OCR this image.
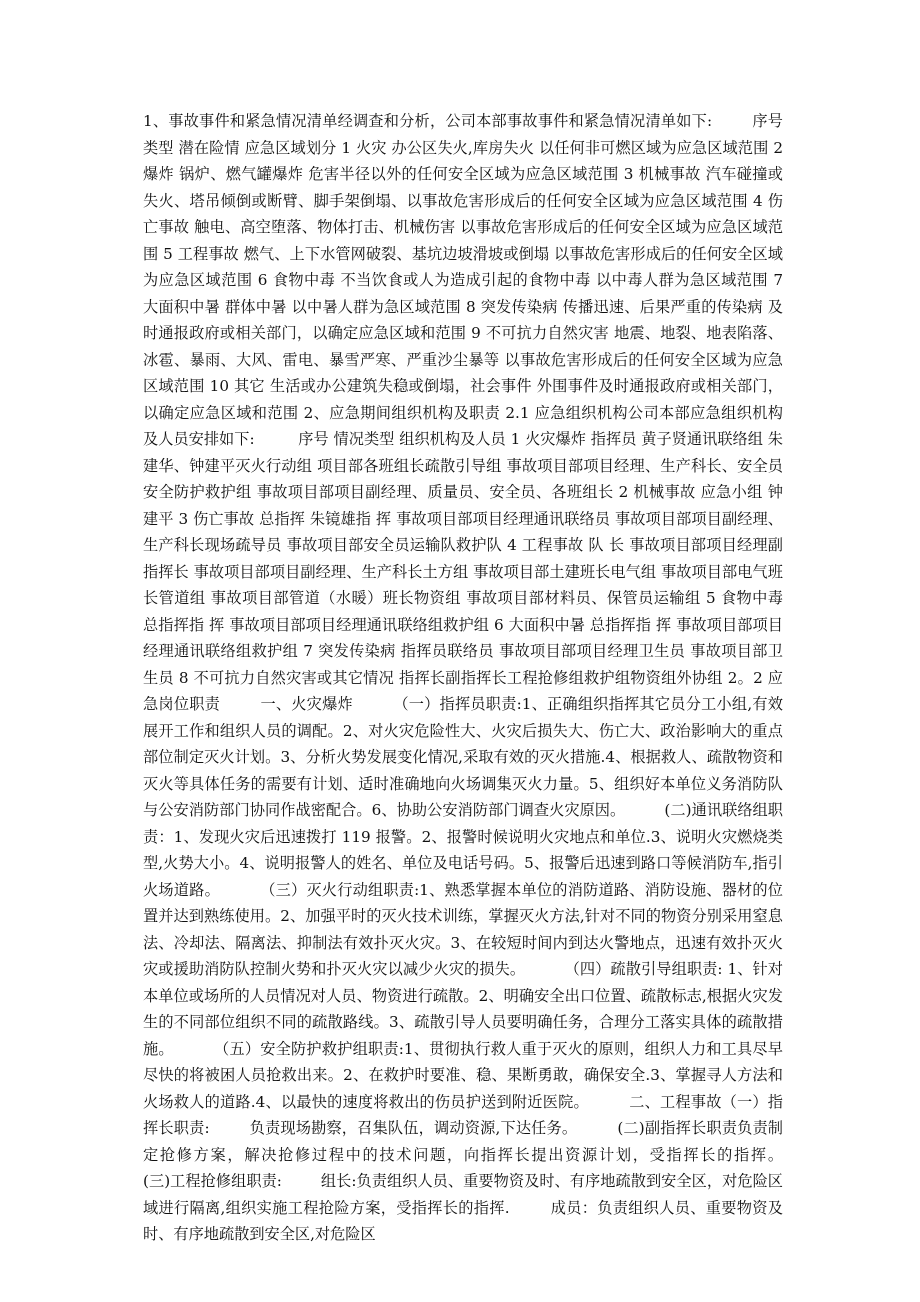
1、事故事件和紧急情况清单经调查和分析，公司本部事故事件和紧急情况清单如下:        序号 类型 潜在险情 应急区域划分 1 火灾 办公区失火,库房失火 以任何非可燃区域为应急区域范围 2 爆炸 锅炉、燃气罐爆炸 危害半径以外的任何安全区域为应急区域范围 3 机械事故 汽车碰撞或失火、塔吊倾倒或断臂、脚手架倒塌、以事故危害形成后的任何安全区域为应急区域范围 4 伤亡事故 触电、高空堕落、物体打击、机械伤害 以事故危害形成后的任何安全区域为应急区域范围 5 工程事故 燃气、上下水管网破裂、基坑边坡滑坡或倒塌 以事故危害形成后的任何安全区域为应急区域范围 6 食物中毒 不当饮食或人为造成引起的食物中毒 以中毒人群为急区域范围 7 大面积中暑 群体中暑 以中暑人群为急区域范围 8 突发传染病 传播迅速、后果严重的传染病 及时通报政府或相关部门，以确定应急区域和范围 9 不可抗力自然灾害 地震、地裂、地表陷落、冰雹、暴雨、大风、雷电、暴雪严寒、严重沙尘暴等 以事故危害形成后的任何安全区域为应急区域范围 10 其它 生活或办公建筑失稳或倒塌，社会事件 外围事件及时通报政府或相关部门，以确定应急区域和范围 2、应急期间组织机构及职责 2.1 应急组织机构公司本部应急组织机构及人员安排如下:         序号 情况类型 组织机构及人员 1 火灾爆炸 指挥员 黄子贤通讯联络组 朱建华、钟建平灭火行动组 项目部各班组长疏散引导组 事故项目部项目经理、生产科长、安全员安全防护救护组 事故项目部项目副经理、质量员、安全员、各班组长 2 机械事故 应急小组 钟建平 3 伤亡事故 总指挥 朱镜雄指 挥 事故项目部项目经理通讯联络员 事故项目部项目副经理、生产科长现场疏导员 事故项目部安全员运输队救护队 4 工程事故 队 长 事故项目部项目经理副指挥长 事故项目部项目副经理、生产科长土方组 事故项目部土建班长电气组 事故项目部电气班长管道组 事故项目部管道（水暖）班长物资组 事故项目部材料员、保管员运输组 5 食物中毒 总指挥指 挥 事故项目部项目经理通讯联络组救护组 6 大面积中暑 总指挥指 挥 事故项目部项目经理通讯联络组救护组 7 突发传染病 指挥员联络员 事故项目部项目经理卫生员 事故项目部卫生员 8 不可抗力自然灾害或其它情况 指挥长副指挥长工程抢修组救护组物资组外协组 2。2 应急岗位职责        一、火灾爆炸        （一）指挥员职责:1、正确组织指挥其它员分工小组,有效展开工作和组织人员的调配。2、对火灾危险性大、火灾后损失大、伤亡大、政治影响大的重点部位制定灭火计划。3、分析火势发展变化情况,采取有效的灭火措施.4、根据救人、疏散物资和灭火等具体任务的需要有计划、适时准确地向火场调集灭火力量。5、组织好本单位义务消防队与公安消防部门协同作战密配合。6、协助公安消防部门调查火灾原因。        (二)通讯联络组职责：1、发现火灾后迅速拨打 119 报警。2、报警时候说明火灾地点和单位.3、说明火灾燃烧类型,火势大小。4、说明报警人的姓名、单位及电话号码。5、报警后迅速到路口等候消防车,指引火场道路。        （三）灭火行动组职责:1、熟悉掌握本单位的消防道路、消防设施、器材的位置并达到熟练使用。2、加强平时的灭火技术训练，掌握灭火方法,针对不同的物资分别采用窒息法、冷却法、隔离法、抑制法有效扑灭火灾。3、在较短时间内到达火警地点，迅速有效扑灭火灾或援助消防队控制火势和扑灭火灾以减少火灾的损失。        （四）疏散引导组职责: 1、针对本单位或场所的人员情况对人员、物资进行疏散。2、明确安全出口位置、疏散标志,根据火灾发生的不同部位组织不同的疏散路线。3、疏散引导人员要明确任务，合理分工落实具体的疏散措施。        （五）安全防护救护组职责:1、贯彻执行救人重于灭火的原则，组织人力和工具尽早尽快的将被困人员抢救出来。2、在救护时要准、稳、果断勇敢，确保安全.3、掌握寻人方法和火场救人的道路.4、以最快的速度将救出的伤员护送到附近医院。        二、工程事故（一）指挥长职责:        负责现场勘察，召集队伍，调动资源,下达任务。        (二)副指挥长职责负责制定抢修方案，解决抢修过程中的技术问题，向指挥长提出资源计划，受指挥长的指挥。        (三)工程抢修组职责:        组长:负责组织人员、重要物资及时、有序地疏散到安全区，对危险区域进行隔离,组织实施工程抢险方案，受指挥长的指挥.        成员：负责组织人员、重要物资及时、有序地疏散到安全区,对危险区
